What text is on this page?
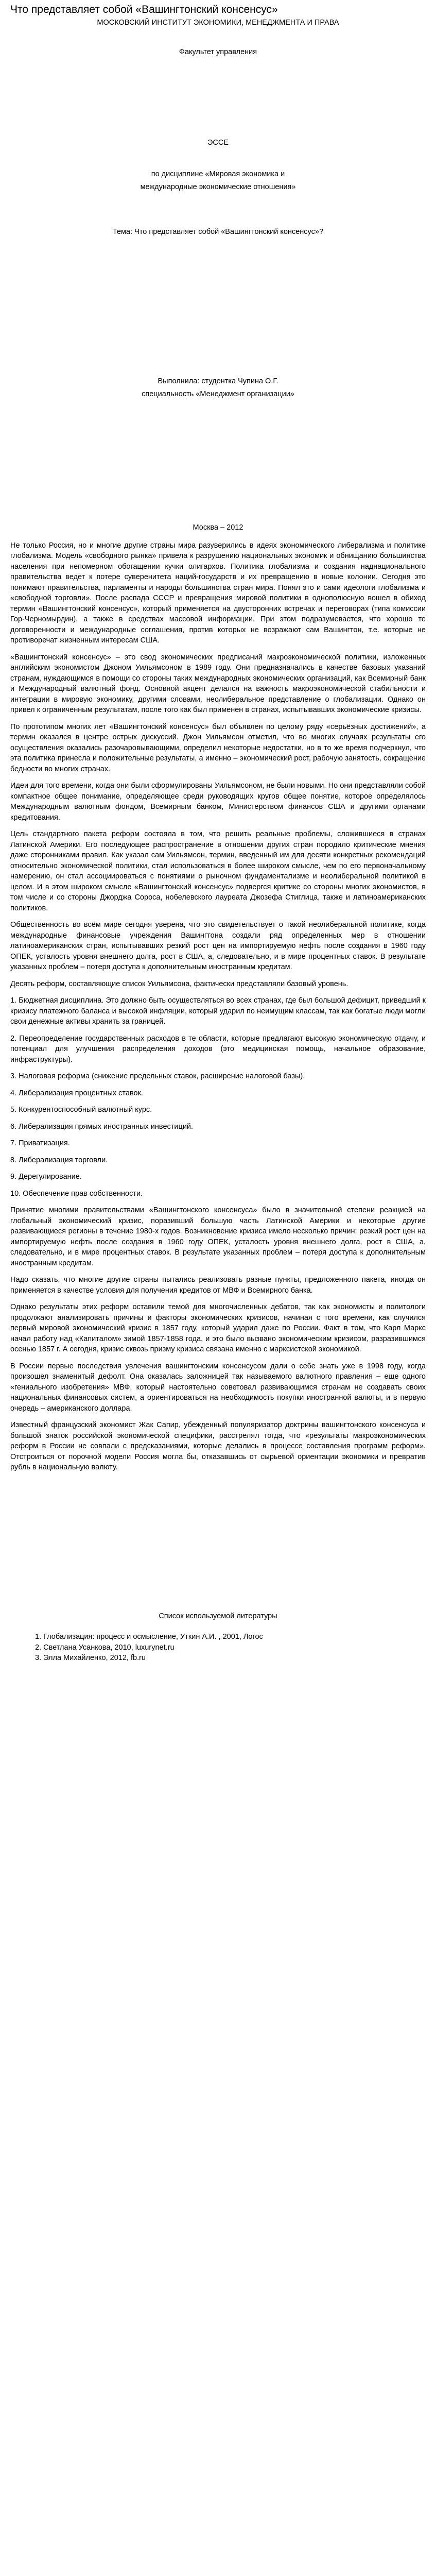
Что представляет собой «Вашингтонский консенсус»
МОСКОВСКИЙ ИНСТИТУТ ЭКОНОМИКИ, МЕНЕДЖМЕНТА И ПРАВА
Факультет управления
ЭССЕ

по дисциплине «Мировая экономика и

международные экономические отношения»

Тема: Что представляет собой «Вашингтонский консенсус»?

Выполнила: студентка Чупина О.Г.

специальность «Менеджмент организации»

Москва – 2012

Не только Россия, но и многие другие страны мира разуверились в идеях экономического либерализма и политике глобализма. Модель «свободного рынка» привела к разрушению национальных экономик и обнищанию большинства населения при непомерном обогащении кучки олигархов. Политика глобализма и создания наднационального правительства ведет к потере суверенитета наций-государств и их превращению в новые колонии. Сегодня это понимают правительства, парламенты и народы большинства стран мира. Понял это и сами идеологи глобализма и «свободной торговли». После распада СССР и превращения мировой политики в однополюсную вошел в обиход термин «Вашингтонский консенсус», который применяется на двусторонних встречах и переговорах (типа комиссии Гор-Черномырдин), а также в средствах массовой информации. При этом подразумевается, что хорошо те договоренности и международные соглашения, против которых не возражают сам Вашингтон, т.е. которые не противоречат жизненным интересам США.

«Вашингтонский консенсус» – это свод экономических предписаний макроэкономической политики, изложенных английским экономистом Джоном Уильямсоном в 1989 году. Они предназначались в качестве базовых указаний странам, нуждающимся в помощи со стороны таких международных экономических организаций, как Всемирный банк и Международный валютный фонд. Основной акцент делался на важность макроэкономической стабильности и интеграции в мировую экономику, другими словами, неолиберальное представление о глобализации. Однако он привел к ограниченным результатам, после того как был применен в странах, испытывавших экономические кризисы.

По прототипом многих лет «Вашингтонский консенсус» был объявлен по целому ряду «серьёзных достижений», а термин оказался в центре острых дискуссий. Джон Уильямсон отметил, что во многих случаях результаты его осуществления оказались разочаровывающими, определил некоторые недостатки, но в то же время подчеркнул, что эта политика принесла и положительные результаты, а именно – экономический рост, рабочую занятость, сокращение бедности во многих странах.

Идеи для того времени, когда они были сформулированы Уильямсоном, не были новыми. Но они представляли собой компактное общее понимание, определяющее среди руководящих кругов общее понятие, которое определялось Международным валютным фондом, Всемирным банком, Министерством финансов США и другими органами кредитования.

Цель стандартного пакета реформ состояла в том, что решить реальные проблемы, сложившиеся в странах Латинской Америки. Его последующее распространение в отношении других стран породило критические мнения даже сторонниками правил. Как указал сам Уильямсон, термин, введенный им для десяти конкретных рекомендаций относительно экономической политики, стал использоваться в более широком смысле, чем по его первоначальному намерению, он стал ассоциироваться с понятиями о рыночном фундаментализме и неолиберальной политикой в целом. И в этом широком смысле «Вашингтонский консенсус» подвергся критике со стороны многих экономистов, в том числе и со стороны Джорджа Сороса, нобелевского лауреата Джозефа Стиглица, также и латиноамериканских политиков.

Общественность во всём мире сегодня уверена, что это свидетельствует о такой неолиберальной политике, когда международные финансовые учреждения Вашингтона создали ряд определенных мер в отношении латиноамериканских стран, испытывавших резкий рост цен на импортируемую нефть после создания в 1960 году ОПЕК, усталость уровня внешнего долга, рост в США, а, следовательно, и в мире процентных ставок. В результате указанных проблем – потеря доступа к дополнительным иностранным кредитам.

Десять реформ, составляющие список Уильямсона, фактически представляли базовый уровень.

1. Бюджетная дисциплина. Это должно быть осуществляться во всех странах, где был большой дефицит, приведший к кризису платежного баланса и высокой инфляции, который ударил по неимущим классам, так как богатые люди могли свои денежные активы хранить за границей.

2. Переопределение государственных расходов в те области, которые предлагают высокую экономическую отдачу, и потенциал для улучшения распределения доходов (это медицинская помощь, начальное образование, инфраструктуры).

3. Налоговая реформа (снижение предельных ставок, расширение налоговой базы).

4. Либерализация процентных ставок.

5. Конкурентоспособный валютный курс.

6. Либерализация прямых иностранных инвестиций.

7. Приватизация.

8. Либерализация торговли.

9. Дерегулирование.

10. Обеспечение прав собственности.

Принятие многими правительствами «Вашингтонского консенсуса» было в значительной степени реакцией на глобальный экономический кризис, поразивший большую часть Латинской Америки и некоторые другие развивающиеся регионы в течение 1980-х годов. Возникновение кризиса имело несколько причин: резкий рост цен на импортируемую нефть после создания в 1960 году ОПЕК, усталость уровня внешнего долга, рост в США, а, следовательно, и в мире процентных ставок. В результате указанных проблем – потеря доступа к дополнительным иностранным кредитам.

Надо сказать, что многие другие страны пытались реализовать разные пункты, предложенного пакета, иногда он применяется в качестве условия для получения кредитов от МВФ и Всемирного банка.

Однако результаты этих реформ оставили темой для многочисленных дебатов, так как экономисты и политологи продолжают анализировать причины и факторы экономических кризисов, начиная с того времени, как случился первый мировой экономический кризис в 1857 году, который ударил даже по России. Факт в том, что Карл Маркс начал работу над «Капиталом» зимой 1857-1858 года, и это было вызвано экономическим кризисом, разразившимся осенью 1857 г. А сегодня, кризис сквозь призму кризиса связана именно с марксистской экономикой.

В России первые последствия увлечения вашингтонским консенсусом дали о себе знать уже в 1998 году, когда произошел знаменитый дефолт. Она оказалась заложницей так называемого валютного правления – еще одного «гениального изобретения» МВФ, который настоятельно советовал развивающимся странам не создавать своих национальных финансовых систем, а ориентироваться на необходимость покупки иностранной валюты, и в первую очередь – американского доллара.

Известный французский экономист Жак Сапир, убежденный популяризатор доктрины вашингтонского консенсуса и большой знаток российской экономической специфики, расстрелял тогда, что «результаты макроэкономических реформ в России не совпали с предсказаниями, которые делались в процессе составления программ реформ». Отстроиться от порочной модели Россия могла бы, отказавшись от сырьевой ориентации экономики и превратив рубль в национальную валюту.

Список используемой литературы
1. Глобализация: процесс и осмысление, Уткин А.И. , 2001, Логос
2. Светлана Усанкова, 2010, luxurynet.ru
3. Элла Михайленко, 2012, fb.ru
